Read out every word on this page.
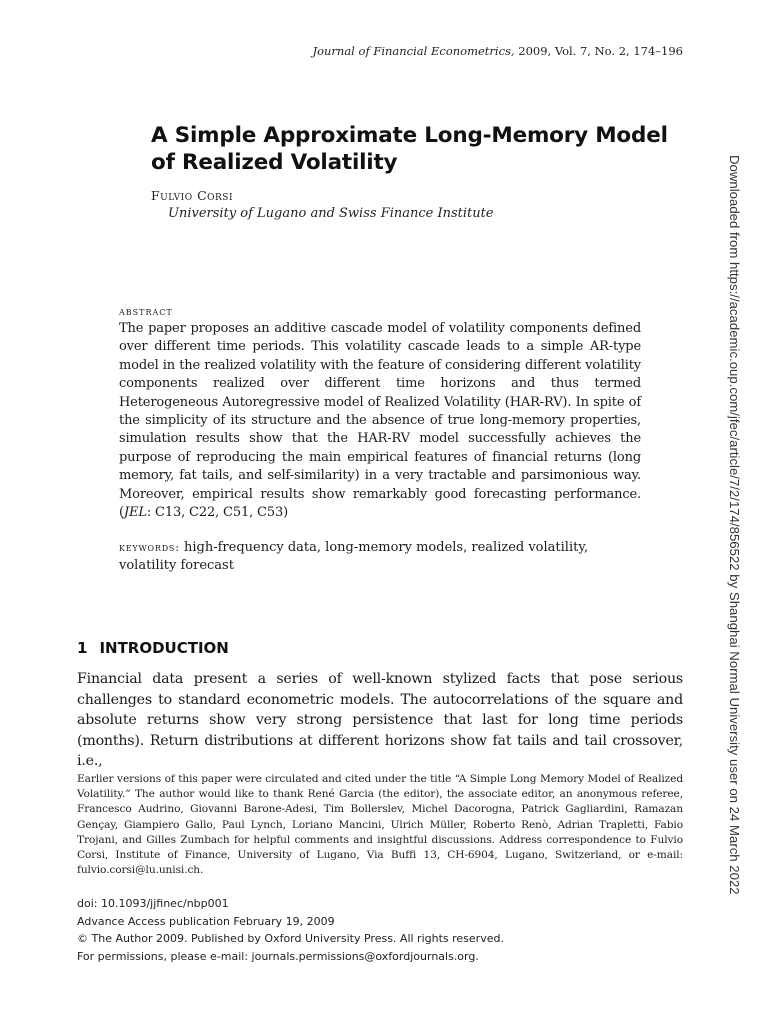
Journal of Financial Econometrics, 2009, Vol. 7, No. 2, 174–196
A Simple Approximate Long-Memory Model of Realized Volatility
Fulvio Corsi
University of Lugano and Swiss Finance Institute
abstract
The paper proposes an additive cascade model of volatility components defined over different time periods. This volatility cascade leads to a simple AR-type model in the realized volatility with the feature of considering different volatility components realized over different time horizons and thus termed Heterogeneous Autoregressive model of Realized Volatility (HAR-RV). In spite of the simplicity of its structure and the absence of true long-memory properties, simulation results show that the HAR-RV model successfully achieves the purpose of reproducing the main empirical features of financial returns (long memory, fat tails, and self-similarity) in a very tractable and parsimonious way. Moreover, empirical results show remarkably good forecasting performance. (JEL: C13, C22, C51, C53)
keywords: high-frequency data, long-memory models, realized volatility, volatility forecast
1 INTRODUCTION
Financial data present a series of well-known stylized facts that pose serious challenges to standard econometric models. The autocorrelations of the square and absolute returns show very strong persistence that last for long time periods (months). Return distributions at different horizons show fat tails and tail crossover, i.e.,
Earlier versions of this paper were circulated and cited under the title “A Simple Long Memory Model of Realized Volatility.” The author would like to thank René Garcia (the editor), the associate editor, an anonymous referee, Francesco Audrino, Giovanni Barone-Adesi, Tim Bollerslev, Michel Dacorogna, Patrick Gagliardini, Ramazan Gençay, Giampiero Gallo, Paul Lynch, Loriano Mancini, Ulrich Müller, Roberto Renò, Adrian Trapletti, Fabio Trojani, and Gilles Zumbach for helpful comments and insightful discussions. Address correspondence to Fulvio Corsi, Institute of Finance, University of Lugano, Via Buffi 13, CH-6904, Lugano, Switzerland, or e-mail: fulvio.corsi@lu.unisi.ch.
doi: 10.1093/jjfinec/nbp001
Advance Access publication February 19, 2009
© The Author 2009. Published by Oxford University Press. All rights reserved.
For permissions, please e-mail: journals.permissions@oxfordjournals.org.
Downloaded from https://academic.oup.com/jfec/article/7/2/174/856522 by Shanghai Normal University user on 24 March 2022
